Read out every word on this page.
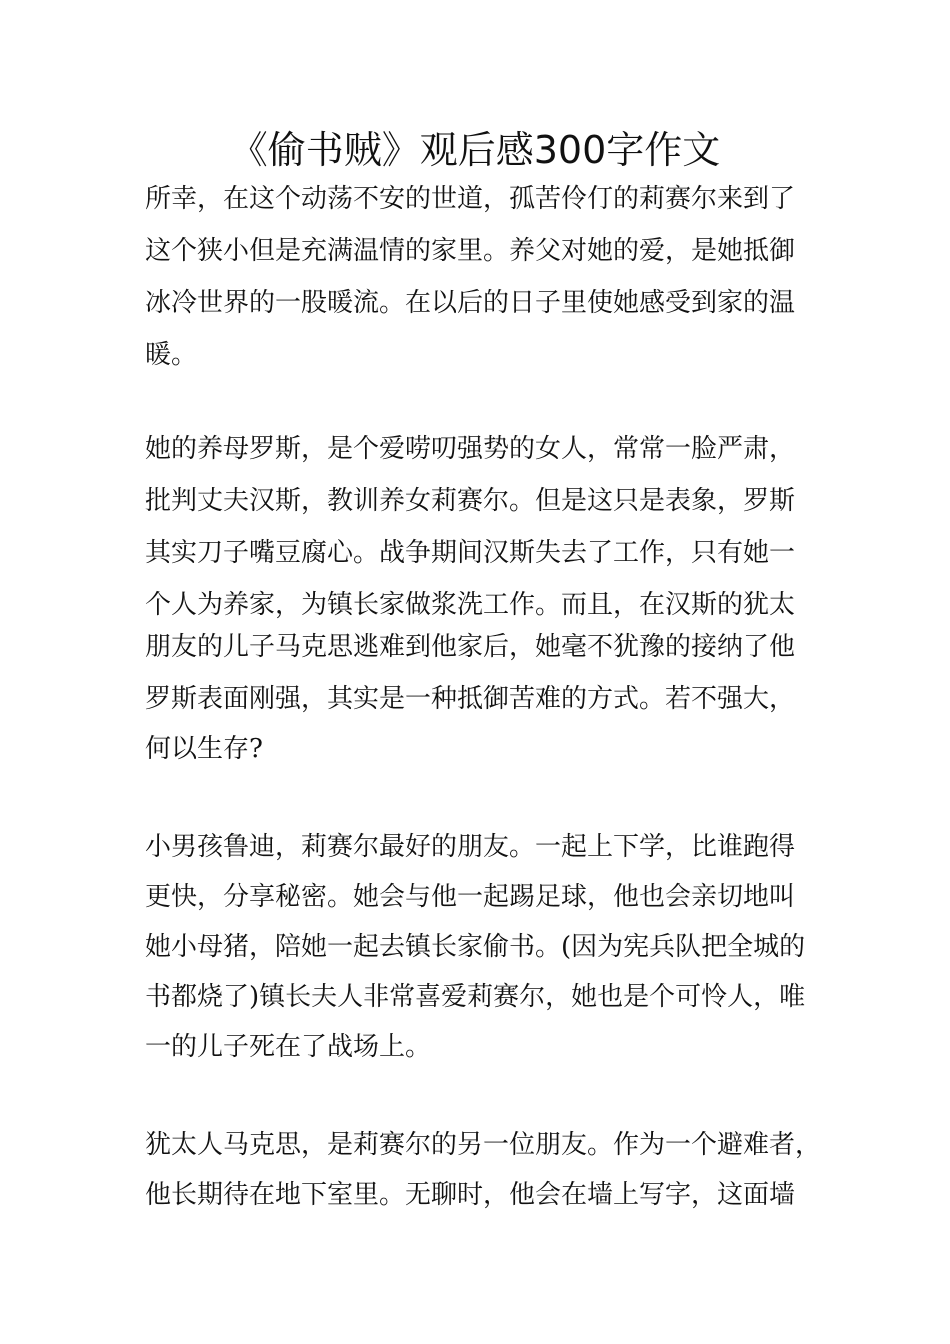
《偷书贼》观后感300字作文

所幸，在这个动荡不安的世道，孤苦伶仃的莉赛尔来到了

这个狭小但是充满温情的家里。养父对她的爱，是她抵御

冰冷世界的一股暖流。在以后的日子里使她感受到家的温

暖。

她的养母罗斯，是个爱唠叨强势的女人，常常一脸严肃，

批判丈夫汉斯，教训养女莉赛尔。但是这只是表象，罗斯

其实刀子嘴豆腐心。战争期间汉斯失去了工作，只有她一

个人为养家，为镇长家做浆洗工作。而且，在汉斯的犹太

朋友的儿子马克思逃难到他家后，她毫不犹豫的接纳了他

罗斯表面刚强，其实是一种抵御苦难的方式。若不强大，

何以生存?

小男孩鲁迪，莉赛尔最好的朋友。一起上下学，比谁跑得

更快，分享秘密。她会与他一起踢足球，他也会亲切地叫

她小母猪，陪她一起去镇长家偷书。(因为宪兵队把全城的

书都烧了)镇长夫人非常喜爱莉赛尔，她也是个可怜人，唯

一的儿子死在了战场上。

犹太人马克思，是莉赛尔的另一位朋友。作为一个避难者，

他长期待在地下室里。无聊时，他会在墙上写字，这面墙
